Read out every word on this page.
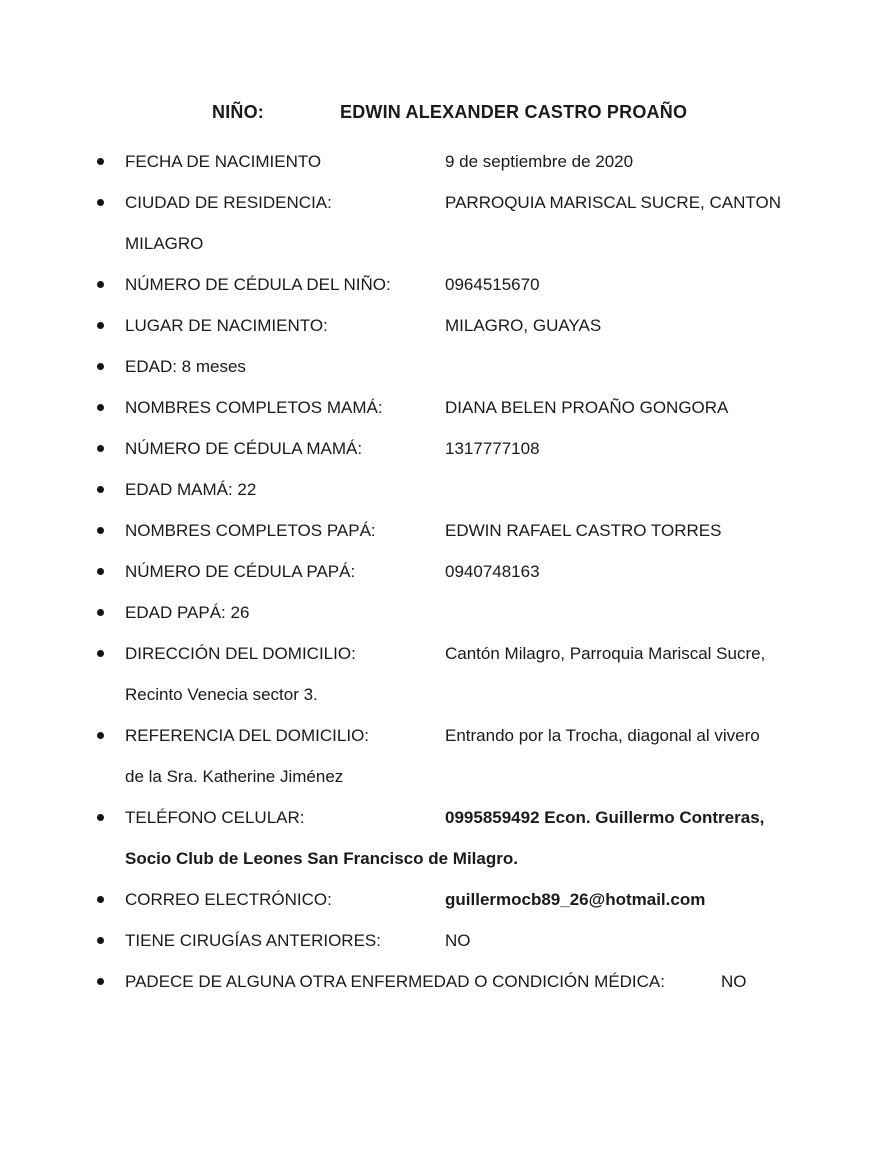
NIÑO:	EDWIN ALEXANDER CASTRO PROAÑO
FECHA DE NACIMIENTO	9 de septiembre de 2020
CIUDAD DE RESIDENCIA:	PARROQUIA MARISCAL SUCRE, CANTON
MILAGRO
NÚMERO DE CÉDULA DEL NIÑO:	0964515670
LUGAR DE NACIMIENTO:	MILAGRO, GUAYAS
EDAD: 8 meses
NOMBRES COMPLETOS MAMÁ:	DIANA BELEN PROAÑO GONGORA
NÚMERO DE CÉDULA MAMÁ:	1317777108
EDAD MAMÁ: 22
NOMBRES COMPLETOS PAPÁ:	EDWIN RAFAEL CASTRO TORRES
NÚMERO DE CÉDULA PAPÁ:	0940748163
EDAD PAPÁ: 26
DIRECCIÓN DEL DOMICILIO:	Cantón Milagro, Parroquia Mariscal Sucre,
Recinto Venecia sector 3.
REFERENCIA DEL DOMICILIO:	Entrando por la Trocha, diagonal al vivero
de la Sra. Katherine Jiménez
TELÉFONO CELULAR:	0995859492 Econ. Guillermo Contreras,
Socio Club de Leones San Francisco de Milagro.
CORREO ELECTRÓNICO:	guillermocb89_26@hotmail.com
TIENE CIRUGÍAS ANTERIORES:	NO
PADECE DE ALGUNA OTRA ENFERMEDAD O CONDICIÓN MÉDICA:	NO
